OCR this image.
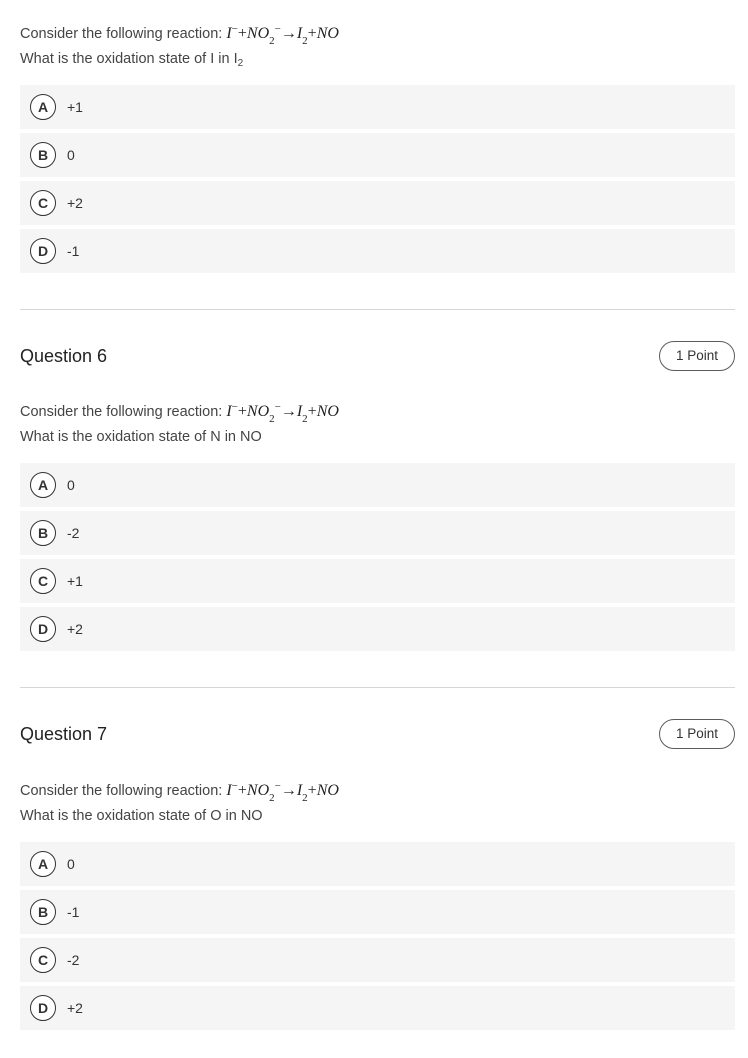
Consider the following reaction: $I^-+NO_2^-\to I_2+NO$
What is the oxidation state of I in $I_2$
A	+1
B	0
C	+2
D	-1
Question 6	1 Point
Consider the following reaction: $I^-+NO_2^-\to I_2+NO$
What is the oxidation state of N in NO
A	0
B	-2
C	+1
D	+2
Question 7	1 Point
Consider the following reaction: $I^-+NO_2^-\to I_2+NO$
What is the oxidation state of O in NO
A	0
B	-1
C	-2
D	+2
